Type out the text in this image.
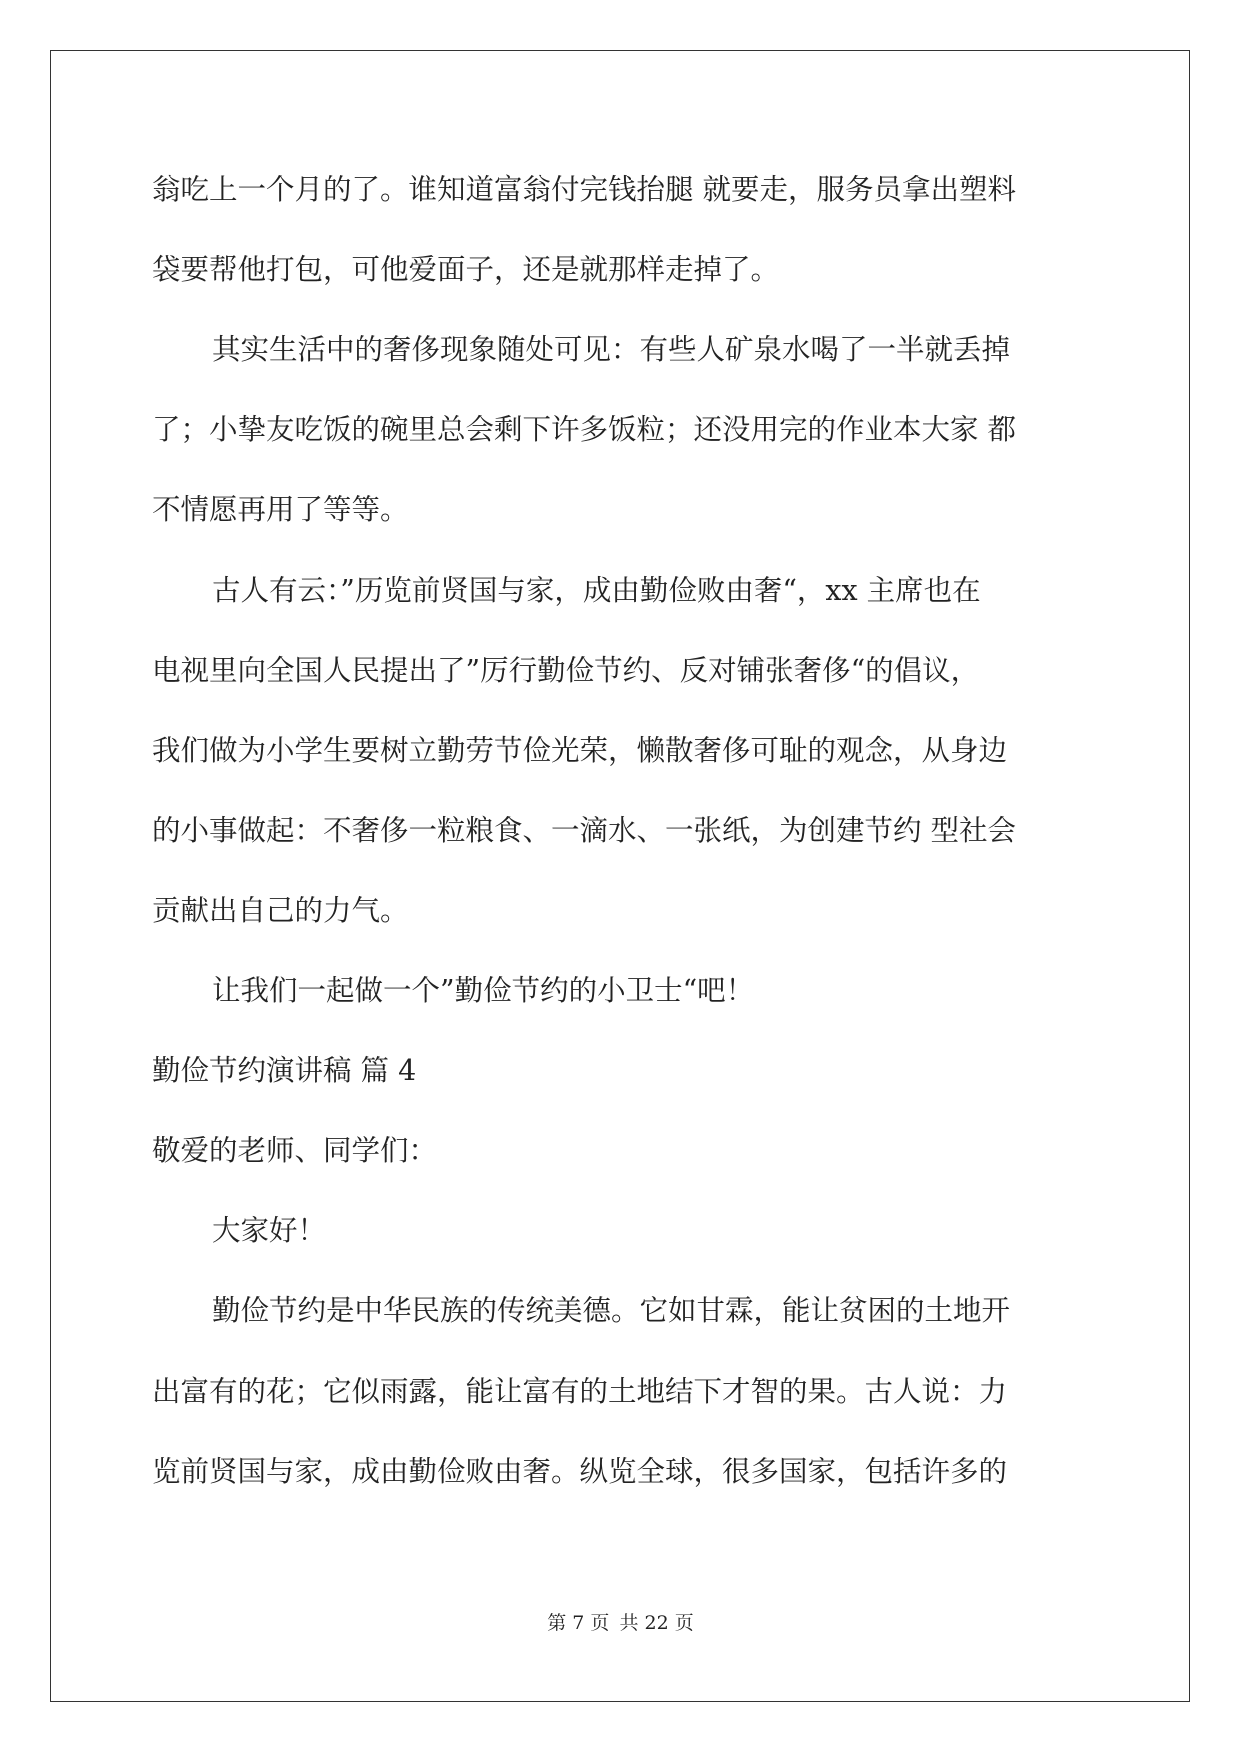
翁吃上一个月的了。谁知道富翁付完钱抬腿 就要走，服务员拿出塑料

袋要帮他打包，可他爱面子，还是就那样走掉了。

其实生活中的奢侈现象随处可见：有些人矿泉水喝了一半就丢掉

了；小挚友吃饭的碗里总会剩下许多饭粒；还没用完的作业本大家 都

不情愿再用了等等。

古人有云：”历览前贤国与家，成由勤俭败由奢“，xx 主席也在

电视里向全国人民提出了”厉行勤俭节约、反对铺张奢侈“的倡议，

我们做为小学生要树立勤劳节俭光荣，懒散奢侈可耻的观念，从身边

的小事做起：不奢侈一粒粮食、一滴水、一张纸，为创建节约 型社会

贡献出自己的力气。

让我们一起做一个”勤俭节约的小卫士“吧！

勤俭节约演讲稿 篇 4

敬爱的老师、同学们：

大家好！

勤俭节约是中华民族的传统美德。它如甘霖，能让贫困的土地开

出富有的花；它似雨露，能让富有的土地结下才智的果。古人说：力

览前贤国与家，成由勤俭败由奢。纵览全球，很多国家，包括许多的

第 7 页 共 22 页
